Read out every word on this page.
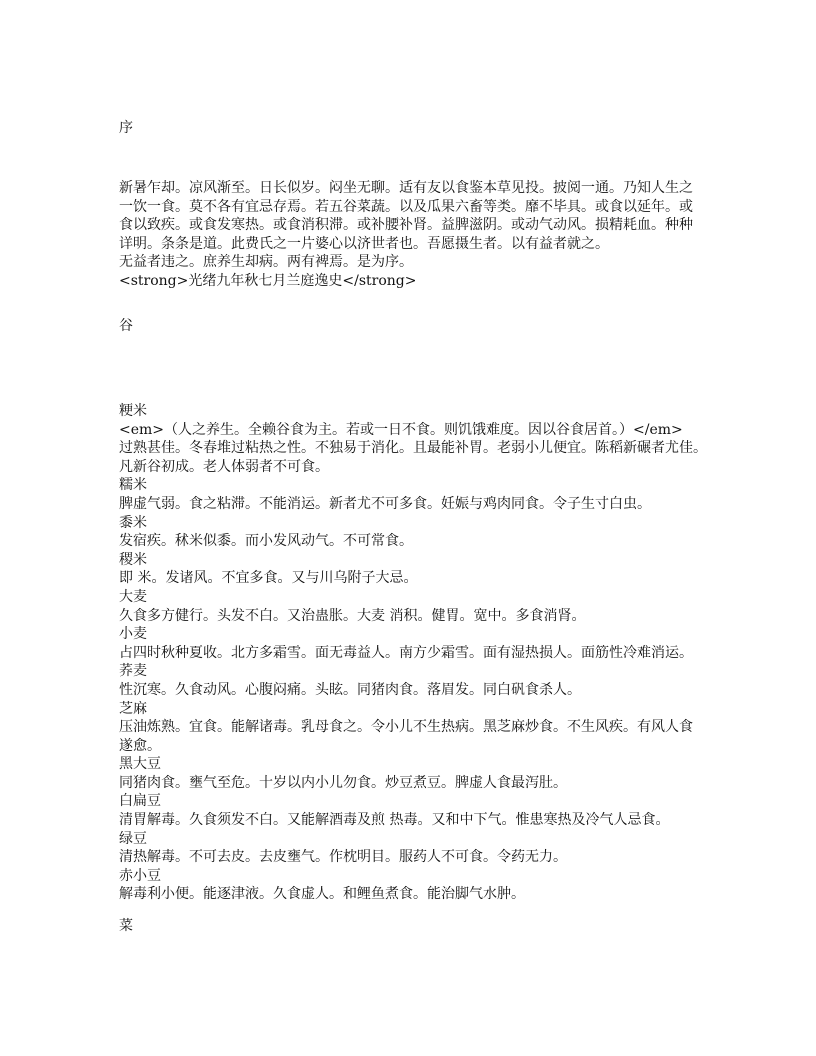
序
新暑乍却。凉风渐至。日长似岁。闷坐无聊。适有友以食鉴本草见投。披阅一通。乃知人生之
一饮一食。莫不各有宜忌存焉。若五谷菜蔬。以及瓜果六畜等类。靡不毕具。或食以延年。或
食以致疾。或食发寒热。或食消积滞。或补腰补肾。益脾滋阴。或动气动风。损精耗血。种种
详明。条条是道。此费氏之一片婆心以济世者也。吾愿摄生者。以有益者就之。
无益者违之。庶养生却病。两有裨焉。是为序。
<strong>光绪九年秋七月兰庭逸史</strong>
谷
粳米
<em>（人之养生。全赖谷食为主。若或一日不食。则饥饿难度。因以谷食居首。）</em>
过熟甚佳。冬春堆过粘热之性。不独易于消化。且最能补胃。老弱小儿便宜。陈稻新碾者尤佳。
凡新谷初成。老人体弱者不可食。
糯米
脾虚气弱。食之粘滞。不能消运。新者尤不可多食。妊娠与鸡肉同食。令子生寸白虫。
黍米
发宿疾。秫米似黍。而小发风动气。不可常食。
稷米
即 米。发诸风。不宜多食。又与川乌附子大忌。
大麦
久食多方健行。头发不白。又治蛊胀。大麦 消积。健胃。宽中。多食消肾。
小麦
占四时秋种夏收。北方多霜雪。面无毒益人。南方少霜雪。面有湿热损人。面筋性冷难消运。
荞麦
性沉寒。久食动风。心腹闷痛。头眩。同猪肉食。落眉发。同白矾食杀人。
芝麻
压油炼熟。宜食。能解诸毒。乳母食之。令小儿不生热病。黑芝麻炒食。不生风疾。有风人食
遂愈。
黑大豆
同猪肉食。壅气至危。十岁以内小儿勿食。炒豆煮豆。脾虚人食最泻肚。
白扁豆
清胃解毒。久食须发不白。又能解酒毒及煎 热毒。又和中下气。惟患寒热及冷气人忌食。
绿豆
清热解毒。不可去皮。去皮壅气。作枕明目。服药人不可食。令药无力。
赤小豆
解毒利小便。能逐津液。久食虚人。和鲤鱼煮食。能治脚气水肿。
菜
